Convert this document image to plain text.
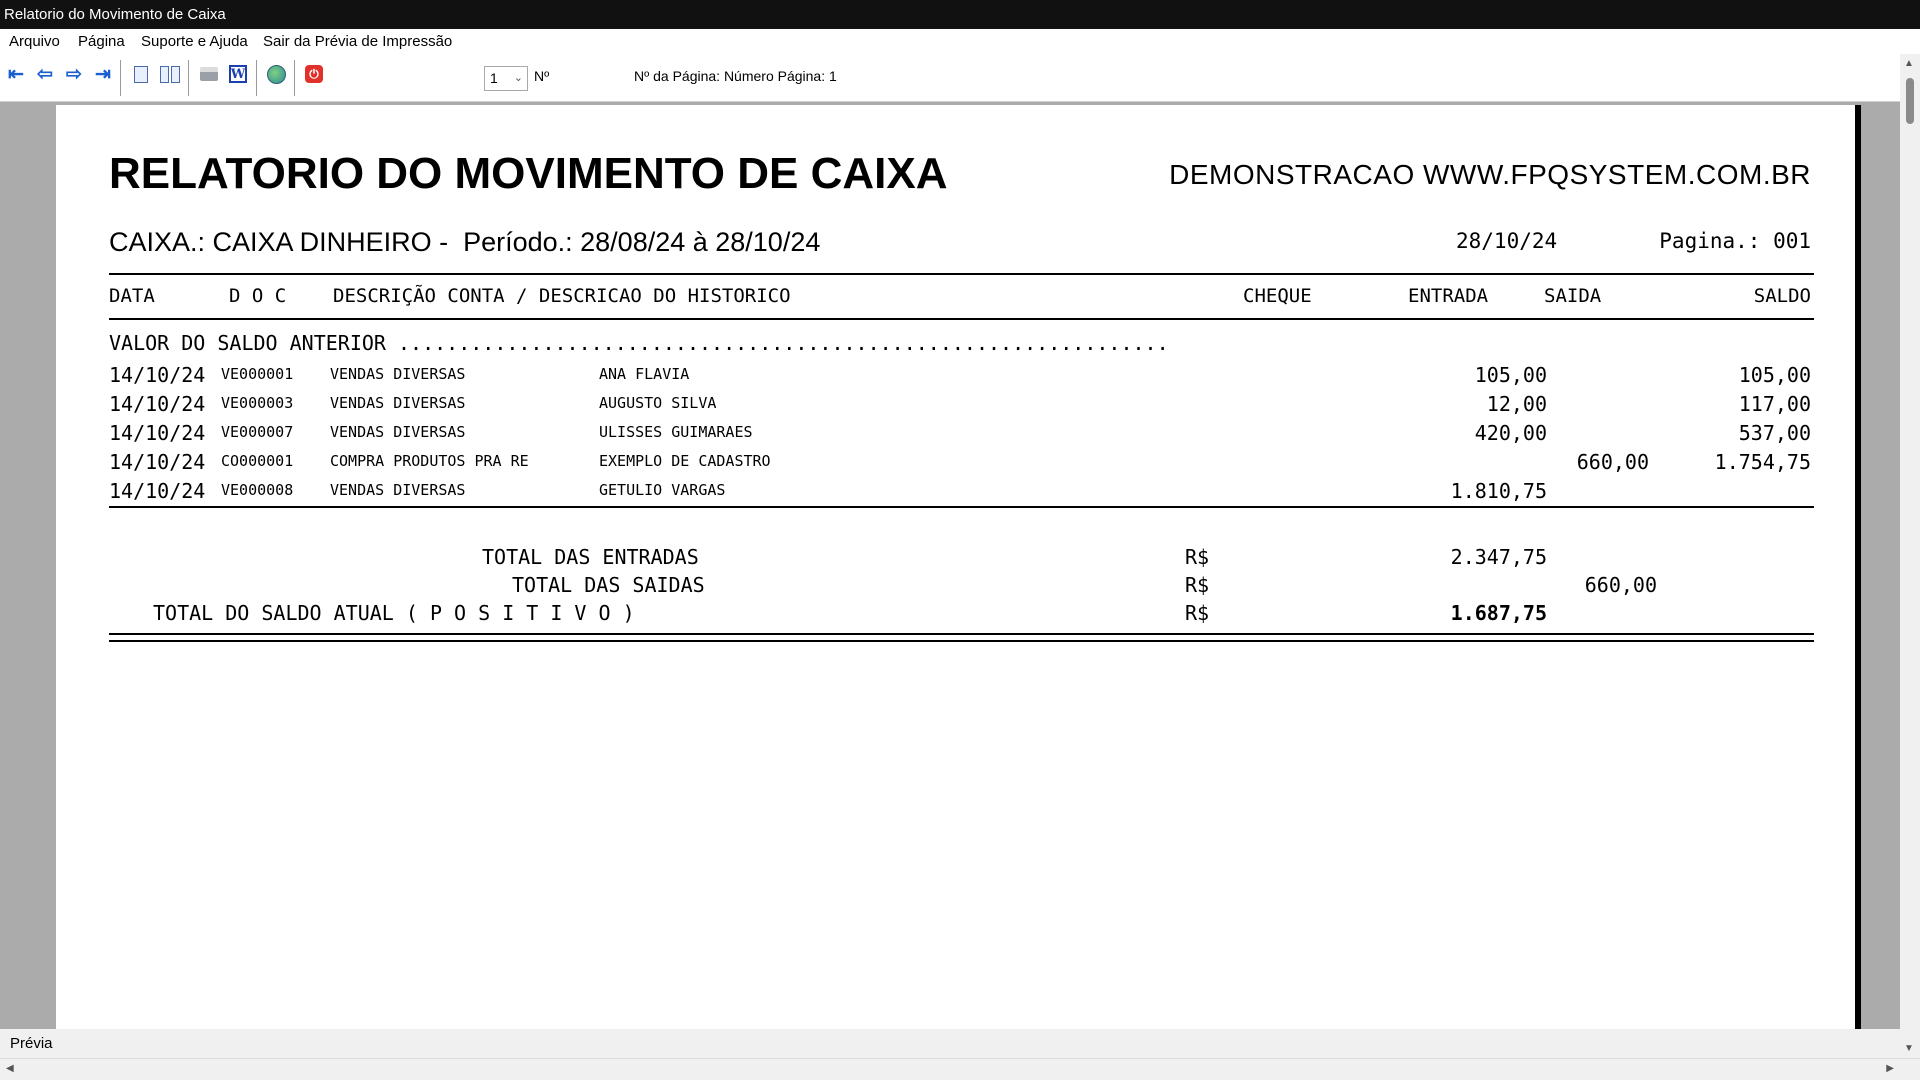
Relatorio do Movimento de Caixa
Arquivo Página Suporte e Ajuda Sair da Prévia de Impressão
⇤ ⇦ ⇨ ⇥	W	⏻	1 ⌄ Nº	Nº da Página: Número Página: 1
▲
▼
RELATORIO DO MOVIMENTO DE CAIXA	DEMONSTRACAO WWW.FPQSYSTEM.COM.BR
CAIXA.: CAIXA DINHEIRO -  Período.: 28/08/24 à 28/10/24	28/10/24	Pagina.: 001
DATA	D O C DESCRIÇÃO CONTA / DESCRICAO DO HISTORICO	CHEQUE	ENTRADA	SAIDA	SALDO
VALOR DO SALDO ANTERIOR ................................................................
14/10/24 VE000001 VENDAS DIVERSAS	ANA FLAVIA	105,00	105,00
14/10/24 VE000003 VENDAS DIVERSAS	AUGUSTO SILVA	12,00	117,00
14/10/24 VE000007 VENDAS DIVERSAS	ULISSES GUIMARAES	420,00	537,00
14/10/24 CO000001 COMPRA PRODUTOS PRA RE	EXEMPLO DE CADASTRO	660,00	1.754,75
14/10/24 VE000008 VENDAS DIVERSAS	GETULIO VARGAS	1.810,75
TOTAL DAS ENTRADAS	R$	2.347,75
TOTAL DAS SAIDAS	R$	660,00
TOTAL DO SALDO ATUAL ( P O S I T I V O )	R$	1.687,75
Prévia
◀	▶
